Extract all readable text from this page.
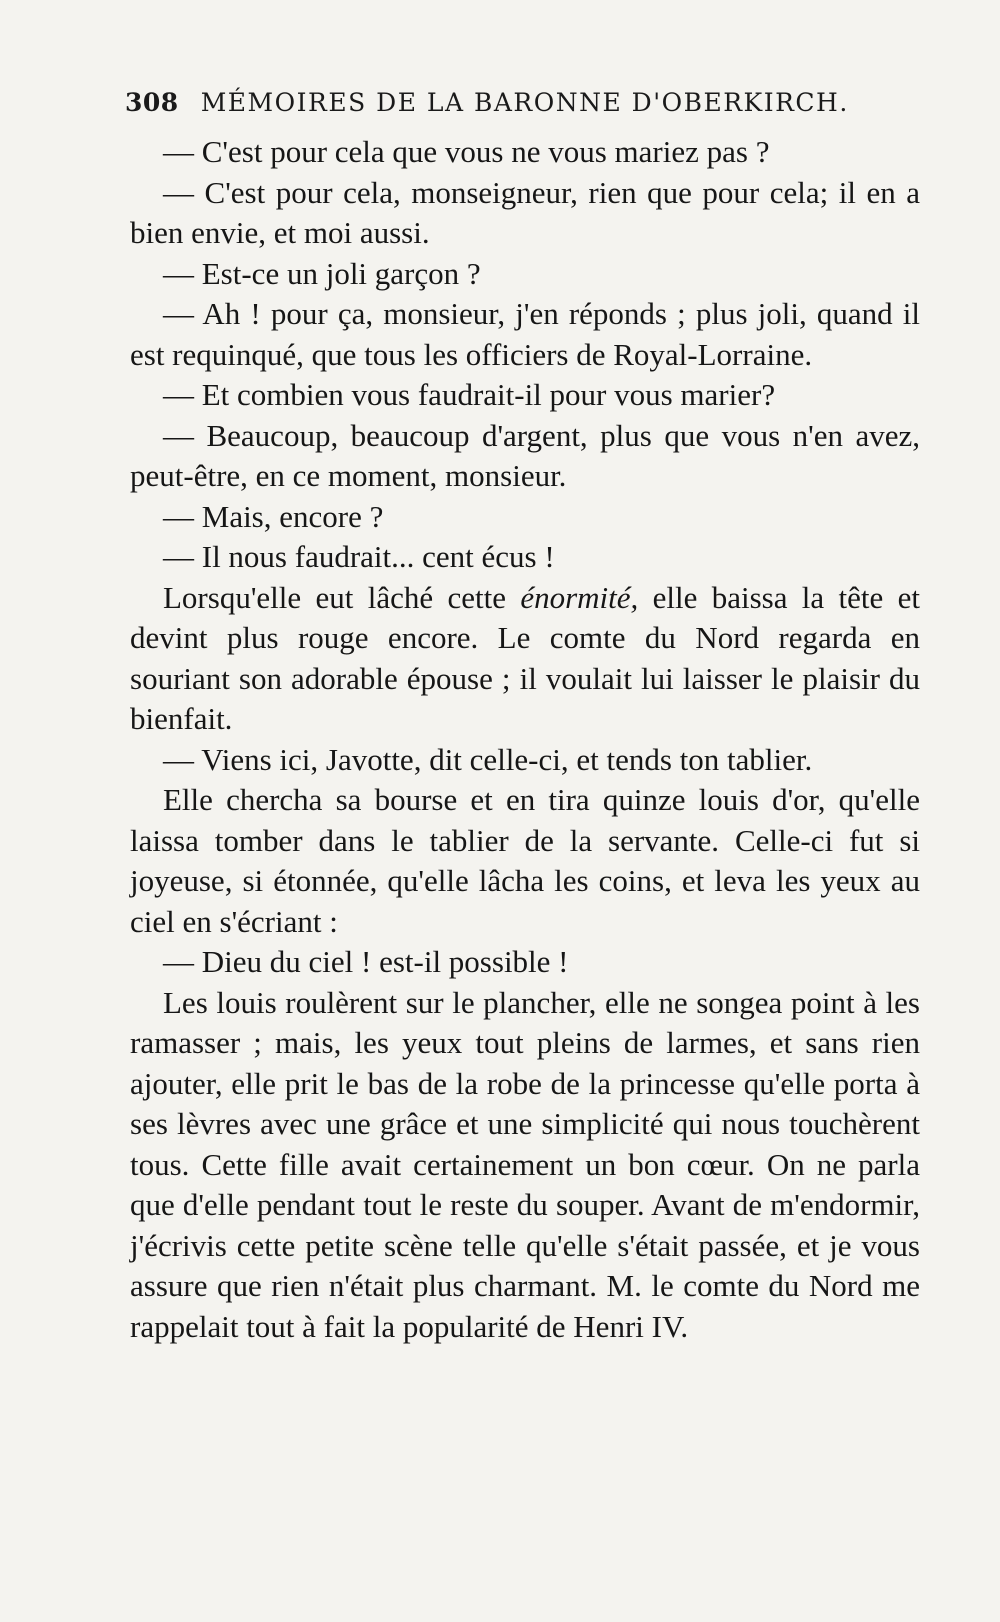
308 MÉMOIRES DE LA BARONNE D'OBERKIRCH.

— C'est pour cela que vous ne vous mariez pas ?

— C'est pour cela, monseigneur, rien que pour cela; il en a bien envie, et moi aussi.

— Est-ce un joli garçon ?

— Ah ! pour ça, monsieur, j'en réponds ; plus joli, quand il est requinqué, que tous les officiers de Royal-Lorraine.

— Et combien vous faudrait-il pour vous marier?

— Beaucoup, beaucoup d'argent, plus que vous n'en avez, peut-être, en ce moment, monsieur.

— Mais, encore ?

— Il nous faudrait... cent écus !

Lorsqu'elle eut lâché cette énormité, elle baissa la tête et devint plus rouge encore. Le comte du Nord regarda en souriant son adorable épouse ; il voulait lui laisser le plaisir du bienfait.

— Viens ici, Javotte, dit celle-ci, et tends ton tablier.

Elle chercha sa bourse et en tira quinze louis d'or, qu'elle laissa tomber dans le tablier de la servante. Celle-ci fut si joyeuse, si étonnée, qu'elle lâcha les coins, et leva les yeux au ciel en s'écriant :

— Dieu du ciel ! est-il possible !

Les louis roulèrent sur le plancher, elle ne songea point à les ramasser ; mais, les yeux tout pleins de larmes, et sans rien ajouter, elle prit le bas de la robe de la princesse qu'elle porta à ses lèvres avec une grâce et une simplicité qui nous touchèrent tous. Cette fille avait certainement un bon cœur. On ne parla que d'elle pendant tout le reste du souper. Avant de m'endormir, j'écrivis cette petite scène telle qu'elle s'était passée, et je vous assure que rien n'était plus charmant. M. le comte du Nord me rappelait tout à fait la popularité de Henri IV.
